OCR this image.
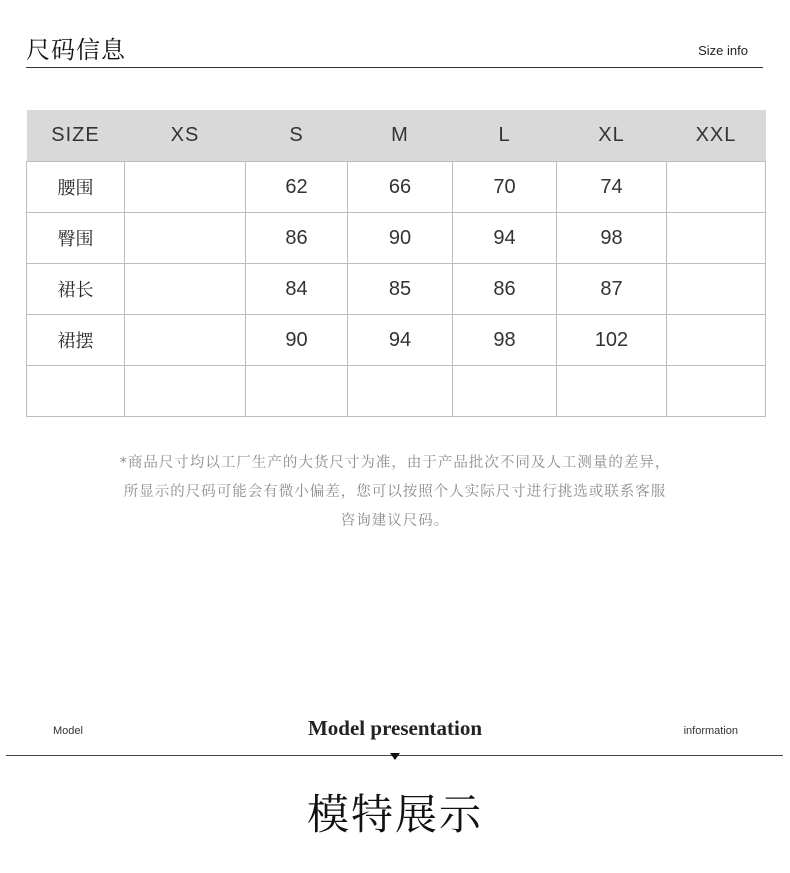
尺码信息	Size info
SIZE	XS	S	M	L	XL	XXL
腰围		62	66	70	74	
臀围		86	90	94	98	
裙长		84	85	86	87	
裙摆		90	94	98	102	

*商品尺寸均以工厂生产的大货尺寸为准，由于产品批次不同及人工测量的差异，
所显示的尺码可能会有微小偏差，您可以按照个人实际尺寸进行挑选或联系客服
咨询建议尺码。
Model	Model presentation	information
模特展示
